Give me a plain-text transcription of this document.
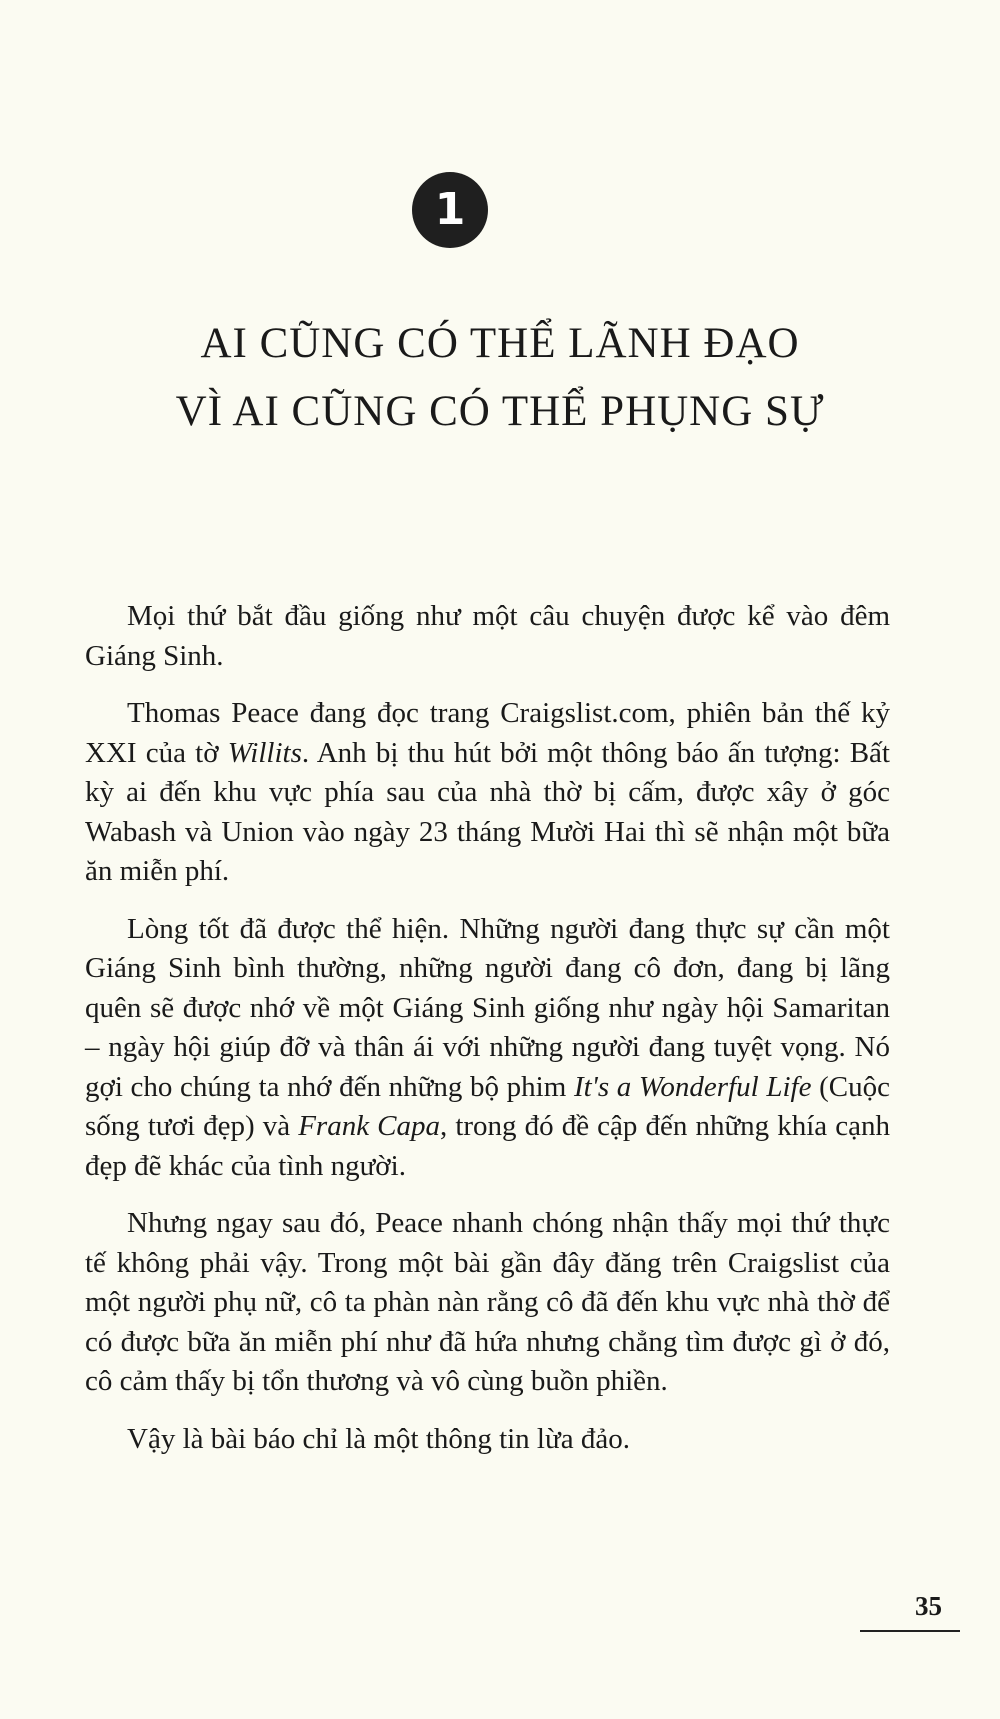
1
AI CŨNG CÓ THỂ LÃNH ĐẠO
VÌ AI CŨNG CÓ THỂ PHỤNG SỰ

Mọi thứ bắt đầu giống như một câu chuyện được kể vào đêm Giáng Sinh.

Thomas Peace đang đọc trang Craigslist.com, phiên bản thế kỷ XXI của tờ Willits. Anh bị thu hút bởi một thông báo ấn tượng: Bất kỳ ai đến khu vực phía sau của nhà thờ bị cấm, được xây ở góc Wabash và Union vào ngày 23 tháng Mười Hai thì sẽ nhận một bữa ăn miễn phí.

Lòng tốt đã được thể hiện. Những người đang thực sự cần một Giáng Sinh bình thường, những người đang cô đơn, đang bị lãng quên sẽ được nhớ về một Giáng Sinh giống như ngày hội Samaritan – ngày hội giúp đỡ và thân ái với những người đang tuyệt vọng. Nó gợi cho chúng ta nhớ đến những bộ phim It's a Wonderful Life (Cuộc sống tươi đẹp) và Frank Capa, trong đó đề cập đến những khía cạnh đẹp đẽ khác của tình người.

Nhưng ngay sau đó, Peace nhanh chóng nhận thấy mọi thứ thực tế không phải vậy. Trong một bài gần đây đăng trên Craigslist của một người phụ nữ, cô ta phàn nàn rằng cô đã đến khu vực nhà thờ để có được bữa ăn miễn phí như đã hứa nhưng chẳng tìm được gì ở đó, cô cảm thấy bị tổn thương và vô cùng buồn phiền.

Vậy là bài báo chỉ là một thông tin lừa đảo.

35
